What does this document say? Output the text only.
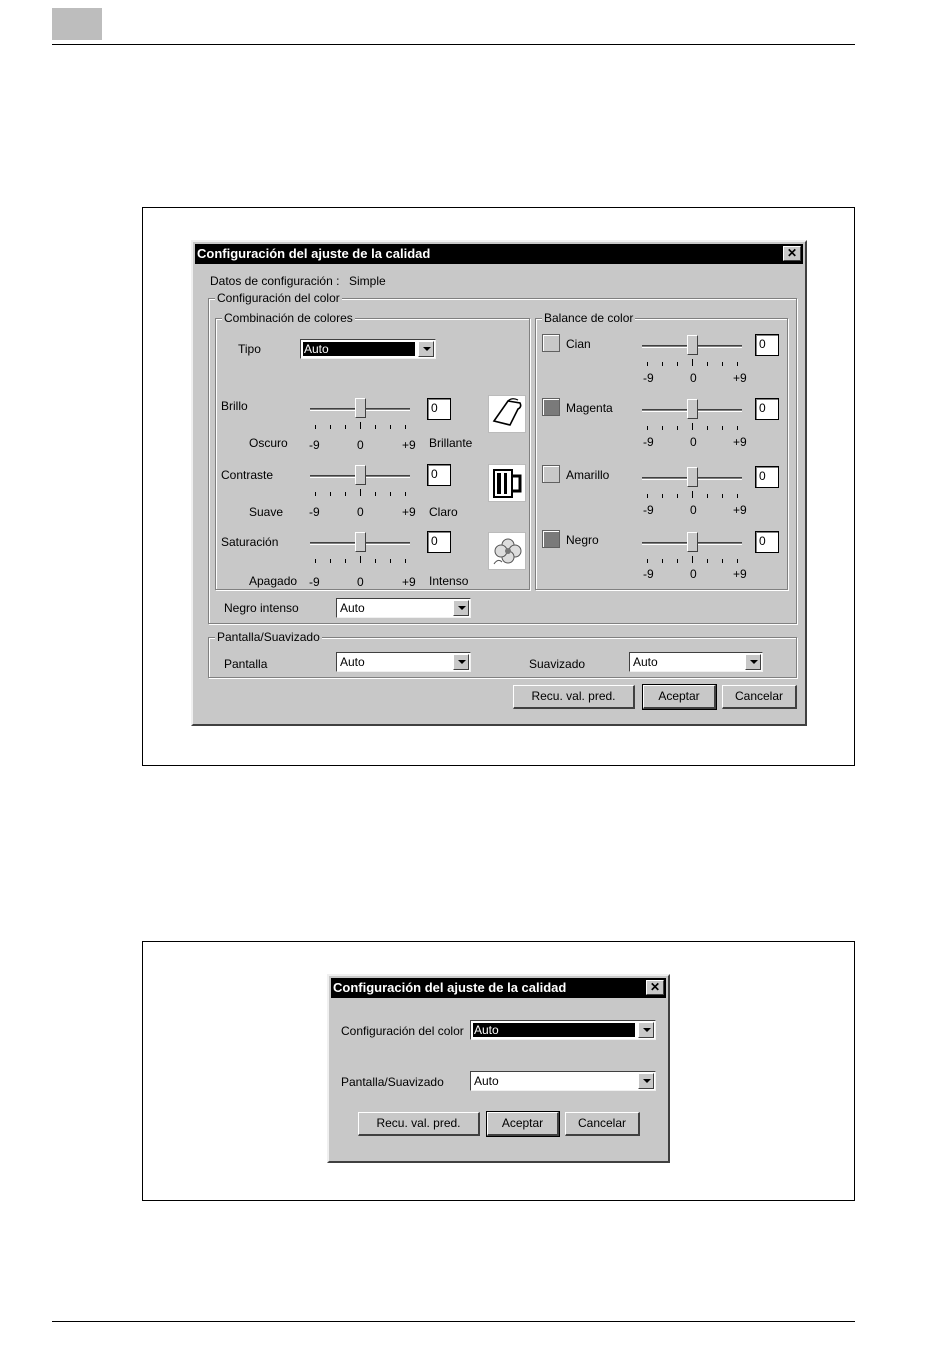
Configuración del ajuste de la calidad	✕
Datos de configuración : Simple
Configuración del color
Combinación de colores
Tipo	Auto
Brillo	0
Oscuro -9	0	+9 Brillante
Contraste	0
Suave -9	0	+9 Claro
Saturación	0
Apagado -9	0	+9 Intenso
Balance de color
Cian	0
-9	0	+9
Magenta	0
-9	0	+9
Amarillo	0
-9	0	+9
Negro	0
-9	0	+9
Negro intenso	Auto
Pantalla/Suavizado
Pantalla	Auto	Suavizado	Auto
Recu. val. pred.	Aceptar	Cancelar
Configuración del ajuste de la calidad	✕
Configuración del color Auto
Pantalla/Suavizado	Auto
Recu. val. pred.	Aceptar	Cancelar
